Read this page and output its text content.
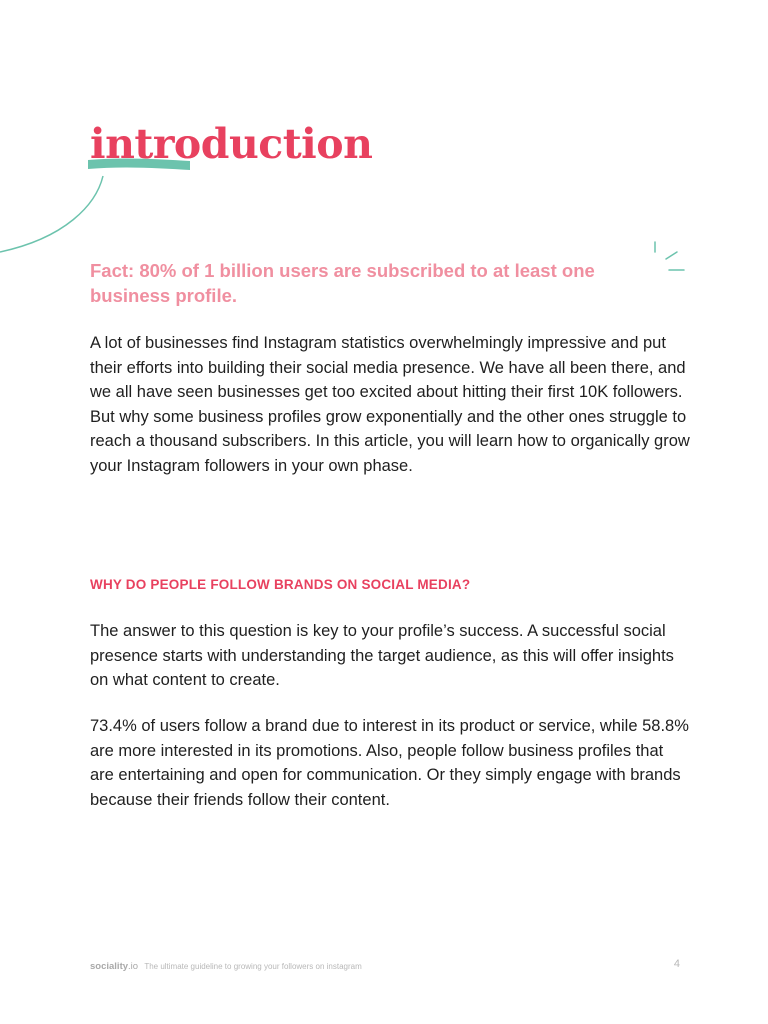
introduction

Fact: 80% of 1 billion users are subscribed to at least one business profile.

A lot of businesses find Instagram statistics overwhelmingly impressive and put their efforts into building their social media presence. We have all been there, and we all have seen businesses get too excited about hitting their first 10K followers. But why some business profiles grow exponentially and the other ones struggle to reach a thousand subscribers. In this article, you will learn how to organically grow your Instagram followers in your own phase.

WHY DO PEOPLE FOLLOW BRANDS ON SOCIAL MEDIA?

The answer to this question is key to your profile’s success. A successful social presence starts with understanding the target audience, as this will offer insights on what content to create.

73.4% of users follow a brand due to interest in its product or service, while 58.8% are more interested in its promotions. Also, people follow business profiles that are entertaining and open for communication. Or they simply engage with brands because their friends follow their content.

sociality.io The ultimate guideline to growing your followers on instagram	4
